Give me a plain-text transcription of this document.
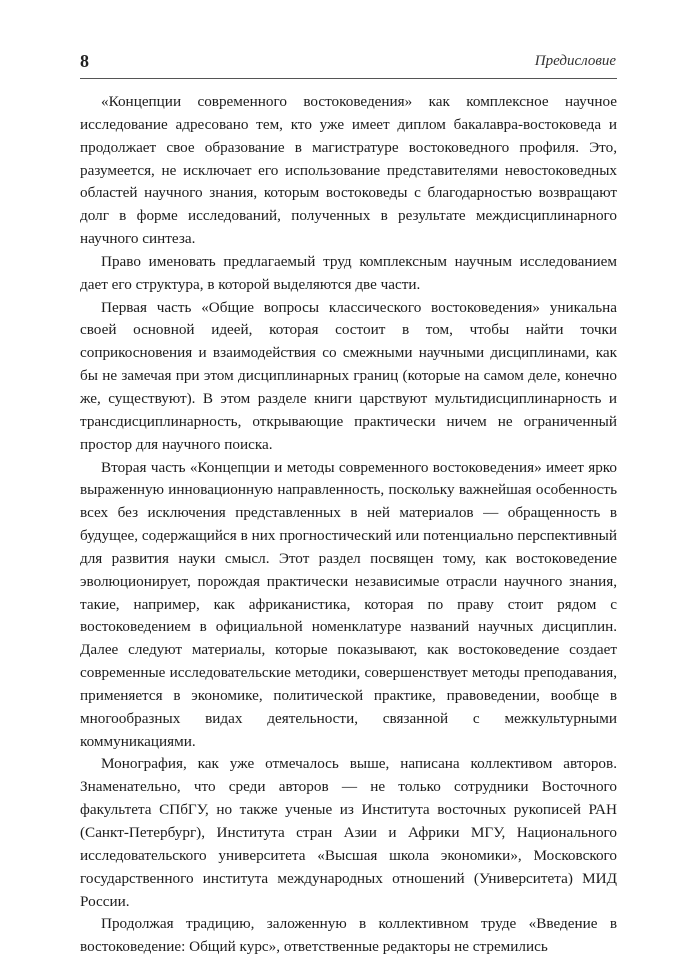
8	Предисловие

«Концепции современного востоковедения» как комплексное научное исследование адресовано тем, кто уже имеет диплом бакалавра-востоковеда и продолжает свое образование в магистратуре востоковедного профиля. Это, разумеется, не исключает его использование представителями невостоковедных областей научного знания, которым востоковеды с благодарностью возвращают долг в форме исследований, полученных в результате междисциплинарного научного синтеза.

Право именовать предлагаемый труд комплексным научным исследованием дает его структура, в которой выделяются две части.

Первая часть «Общие вопросы классического востоковедения» уникальна своей основной идеей, которая состоит в том, чтобы найти точки соприкосновения и взаимодействия со смежными научными дисциплинами, как бы не замечая при этом дисциплинарных границ (которые на самом деле, конечно же, существуют). В этом разделе книги царствуют мультидисциплинарность и трансдисциплинарность, открывающие практически ничем не ограниченный простор для научного поиска.

Вторая часть «Концепции и методы современного востоковедения» имеет ярко выраженную инновационную направленность, поскольку важнейшая особенность всех без исключения представленных в ней материалов — обращенность в будущее, содержащийся в них прогностический или потенциально перспективный для развития науки смысл. Этот раздел посвящен тому, как востоковедение эволюционирует, порождая практически независимые отрасли научного знания, такие, например, как африканистика, которая по праву стоит рядом с востоковедением в официальной номенклатуре названий научных дисциплин. Далее следуют материалы, которые показывают, как востоковедение создает современные исследовательские методики, совершенствует методы преподавания, применяется в экономике, политической практике, правоведении, вообще в многообразных видах деятельности, связанной с межкультурными коммуникациями.

Монография, как уже отмечалось выше, написана коллективом авторов. Знаменательно, что среди авторов — не только сотрудники Восточного факультета СПбГУ, но также ученые из Института восточных рукописей РАН (Санкт-Петербург), Института стран Азии и Африки МГУ, Национального исследовательского университета «Высшая школа экономики», Московского государственного института международных отношений (Университета) МИД России.

Продолжая традицию, заложенную в коллективном труде «Введение в востоковедение: Общий курс», ответственные редакторы не стремились
